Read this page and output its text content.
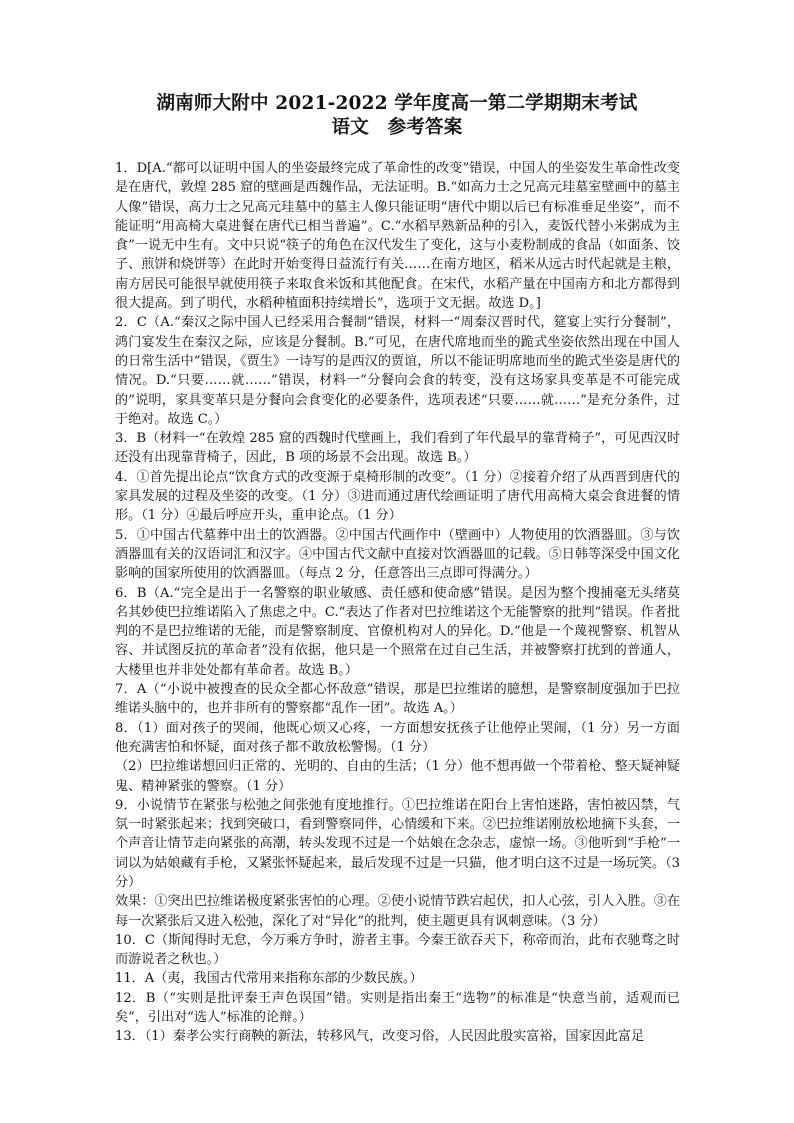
湖南师大附中 2021-2022 学年度高一第二学期期末考试
语文　参考答案

1．D[A.“都可以证明中国人的坐姿最终完成了革命性的改变”错误，中国人的坐姿发生革命性改变是在唐代，敦煌 285 窟的壁画是西魏作品，无法证明。B.“如高力士之兄高元珪墓室壁画中的墓主人像”错误，高力士之兄高元珪墓中的墓主人像只能证明“唐代中期以后已有标准垂足坐姿”，而不能证明“用高椅大桌进餐在唐代已相当普遍”。C.“水稻早熟新品种的引入，麦饭代替小米粥成为主食”一说无中生有。文中只说“筷子的角色在汉代发生了变化，这与小麦粉制成的食品（如面条、饺子、煎饼和烧饼等）在此时开始变得日益流行有关……在南方地区，稻米从远古时代起就是主粮，南方居民可能很早就使用筷子来取食米饭和其他配食。在宋代，水稻产量在中国南方和北方都得到很大提高。到了明代，水稻种植面积持续增长”，选项于文无据。故选 D。]

2．C（A.“秦汉之际中国人已经采用合餐制”错误，材料一“周秦汉晋时代，筵宴上实行分餐制”，鸿门宴发生在秦汉之际，应该是分餐制。B.“可见，在唐代席地而坐的跪式坐姿依然出现在中国人的日常生活中”错误，《贾生》一诗写的是西汉的贾谊，所以不能证明席地而坐的跪式坐姿是唐代的情况。D.“只要……就……”错误，材料一“分餐向会食的转变，没有这场家具变革是不可能完成的”说明，家具变革只是分餐向会食变化的必要条件，选项表述“只要……就……”是充分条件，过于绝对。故选 C。）

3．B（材料一“在敦煌 285 窟的西魏时代壁画上，我们看到了年代最早的靠背椅子”，可见西汉时还没有出现靠背椅子，因此，B 项的场景不会出现。故选 B。）

4．①首先提出论点“饮食方式的改变源于桌椅形制的改变”。（1 分）②接着介绍了从西晋到唐代的家具发展的过程及坐姿的改变。（1 分）③进而通过唐代绘画证明了唐代用高椅大桌会食进餐的情形。（1 分）④最后呼应开头，重申论点。（1 分）

5．①中国古代墓葬中出土的饮酒器。②中国古代画作中（壁画中）人物使用的饮酒器皿。③与饮酒器皿有关的汉语词汇和汉字。④中国古代文献中直接对饮酒器皿的记载。⑤日韩等深受中国文化影响的国家所使用的饮酒器皿。（每点 2 分，任意答出三点即可得满分。）

6．B（A.“完全是出于一名警察的职业敏感、责任感和使命感”错误。是因为整个搜捕毫无头绪莫名其妙使巴拉维诺陷入了焦虑之中。C.“表达了作者对巴拉维诺这个无能警察的批判”错误。作者批判的不是巴拉维诺的无能，而是警察制度、官僚机构对人的异化。D.“他是一个蔑视警察、机智从容、并试图反抗的革命者”没有依据，他只是一个照常在过自己生活，并被警察打扰到的普通人，大楼里也并非处处都有革命者。故选 B。）

7．A（“小说中被搜查的民众全都心怀敌意”错误，那是巴拉维诺的臆想，是警察制度强加于巴拉维诺头脑中的，也并非所有的警察都“乱作一团”。故选 A。）

8．（1）面对孩子的哭闹，他既心烦又心疼，一方面想安抚孩子让他停止哭闹，（1 分）另一方面他充满害怕和怀疑，面对孩子都不敢放松警惕。（1 分）

（2）巴拉维诺想回归正常的、光明的、自由的生活；（1 分）他不想再做一个带着枪、整天疑神疑鬼、精神紧张的警察。（1 分）

9．小说情节在紧张与松弛之间张弛有度地推行。①巴拉维诺在阳台上害怕迷路，害怕被囚禁，气氛一时紧张起来；找到突破口，看到警察同伴，心情缓和下来。②巴拉维诺刚放松地摘下头套，一个声音让情节走向紧张的高潮，转头发现不过是一个姑娘在念杂志，虚惊一场。③他听到“手枪”一词以为姑娘藏有手枪，又紧张怀疑起来，最后发现不过是一只猫，他才明白这不过是一场玩笑。（3 分）

效果：①突出巴拉维诺极度紧张害怕的心理。②使小说情节跌宕起伏，扣人心弦，引人入胜。③在每一次紧张后又进入松弛，深化了对“异化”的批判，使主题更具有讽刺意味。（3 分）

10．C（斯闻得时无怠，今万乘方争时，游者主事。今秦王欲吞天下，称帝而治，此布衣驰骛之时而游说者之秋也。）

11．A（夷，我国古代常用来指称东部的少数民族。）

12．B（“实则是批评秦王声色误国”错。实则是指出秦王“选物”的标准是“快意当前，适观而已矣”，引出对“选人”标准的论辩。）

13．（1）秦孝公实行商鞅的新法，转移风气，改变习俗，人民因此殷实富裕，国家因此富足
